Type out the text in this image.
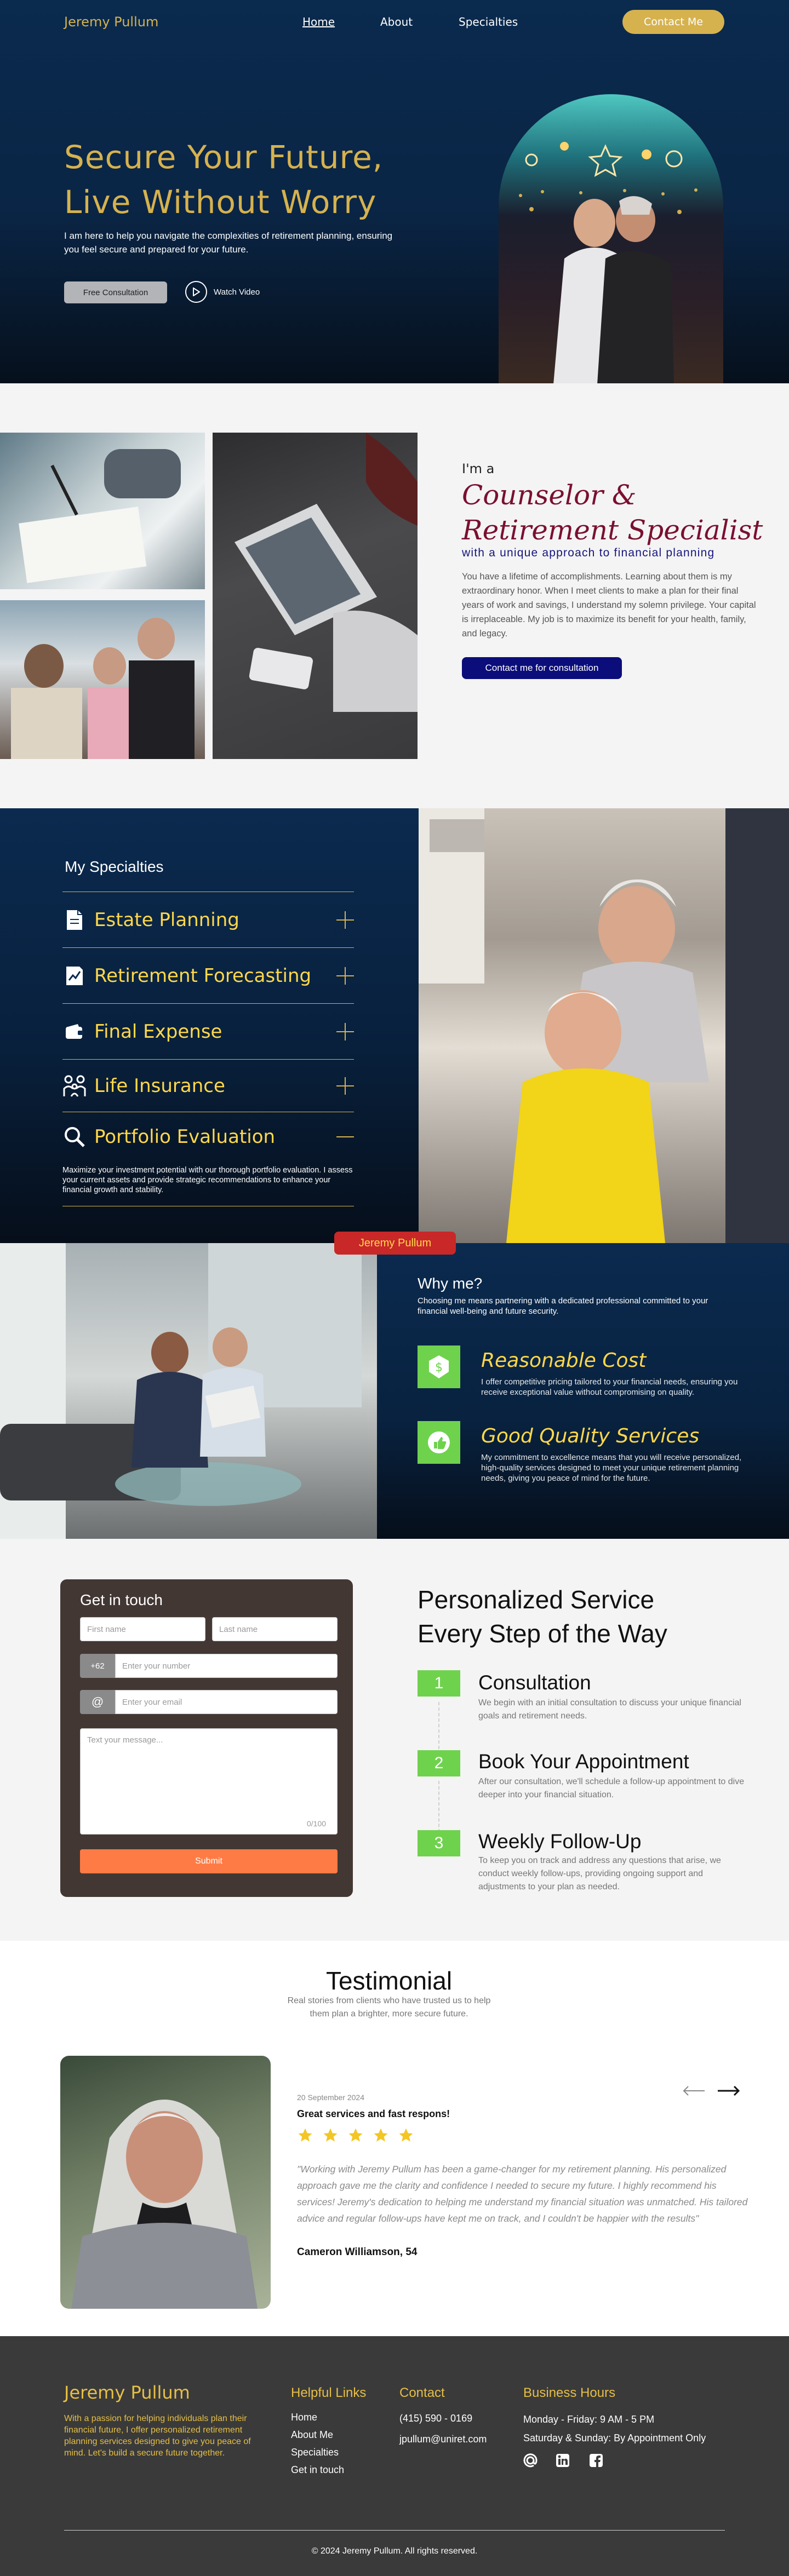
Jeremy Pullum	Home	About	Specialties	Contact Me
Secure Your Future,
Live Without Worry

I am here to help you navigate the complexities of retirement planning, ensuring you feel secure and prepared for your future.

Free Consultation	Watch Video
I'm a
Counselor &
Retirement Specialist
with a unique approach to financial planning

You have a lifetime of accomplishments. Learning about them is my extraordinary honor. When I meet clients to make a plan for their final years of work and savings, I understand my solemn privilege. Your capital is irreplaceable. My job is to maximize its benefit for your health, family, and legacy.

Contact me for consultation
My Specialties
Estate Planning
Retirement Forecasting
Final Expense
Life Insurance
Portfolio Evaluation

Maximize your investment potential with our thorough portfolio evaluation. I assess your current assets and provide strategic recommendations to enhance your financial growth and stability.

Jeremy Pullum
Why me?

Choosing me means partnering with a dedicated professional committed to your financial well-being and future security.

$ Reasonable Cost

I offer competitive pricing tailored to your financial needs, ensuring you receive exceptional value without compromising on quality.

Good Quality Services

My commitment to excellence means that you will receive personalized, high-quality services designed to meet your unique retirement planning needs, giving you peace of mind for the future.

Get in touch
First name	Last name
+62	Enter your number
@	Enter your email
Text your message...
0/100
Submit
Personalized Service
Every Step of the Way
1	Consultation

We begin with an initial consultation to discuss your unique financial goals and retirement needs.

2	Book Your Appointment

After our consultation, we'll schedule a follow-up appointment to dive deeper into your financial situation.

3	Weekly Follow-Up

To keep you on track and address any questions that arise, we conduct weekly follow-ups, providing ongoing support and adjustments to your plan as needed.

Testimonial

Real stories from clients who have trusted us to help them plan a brighter, more secure future.

20 September 2024
Great services and fast respons!

"Working with Jeremy Pullum has been a game-changer for my retirement planning. His personalized approach gave me the clarity and confidence I needed to secure my future. I highly recommend his services! Jeremy's dedication to helping me understand my financial situation was unmatched. His tailored advice and regular follow-ups have kept me on track, and I couldn't be happier with the results"

Cameron Williamson, 54
Jeremy Pullum

With a passion for helping individuals plan their financial future, I offer personalized retirement planning services designed to give you peace of mind. Let's build a secure future together.

Helpful Links
Home
About Me
Specialties
Get in touch
Contact
(415) 590 - 0169
jpullum@uniret.com
Business Hours
Monday - Friday: 9 AM - 5 PM
Saturday & Sunday: By Appointment Only
© 2024 Jeremy Pullum. All rights reserved.
